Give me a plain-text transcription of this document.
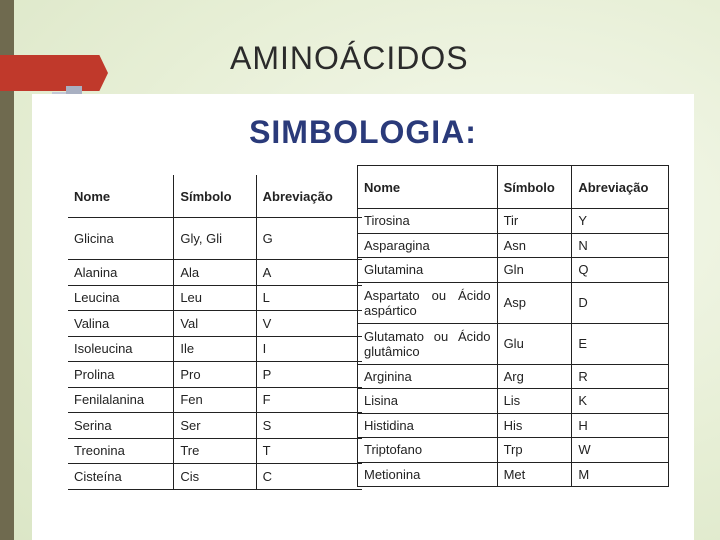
AMINOÁCIDOS
SIMBOLOGIA:
Nome	Símbolo	Abreviação
Glicina	Gly, Gli	G
Alanina	Ala	A
Leucina	Leu	L
Valina	Val	V
Isoleucina	Ile	I
Prolina	Pro	P
Fenilalanina	Fen	F
Serina	Ser	S
Treonina	Tre	T
Cisteína	Cis	C
Nome	Símbolo	Abreviação
Tirosina	Tir	Y
Asparagina	Asn	N
Glutamina	Gln	Q

Aspartato ou Ácido
aspártico	Asp	D

Glutamato ou Ácido
glutâmico	Glu	E
Arginina	Arg	R
Lisina	Lis	K
Histidina	His	H
Triptofano	Trp	W
Metionina	Met	M
